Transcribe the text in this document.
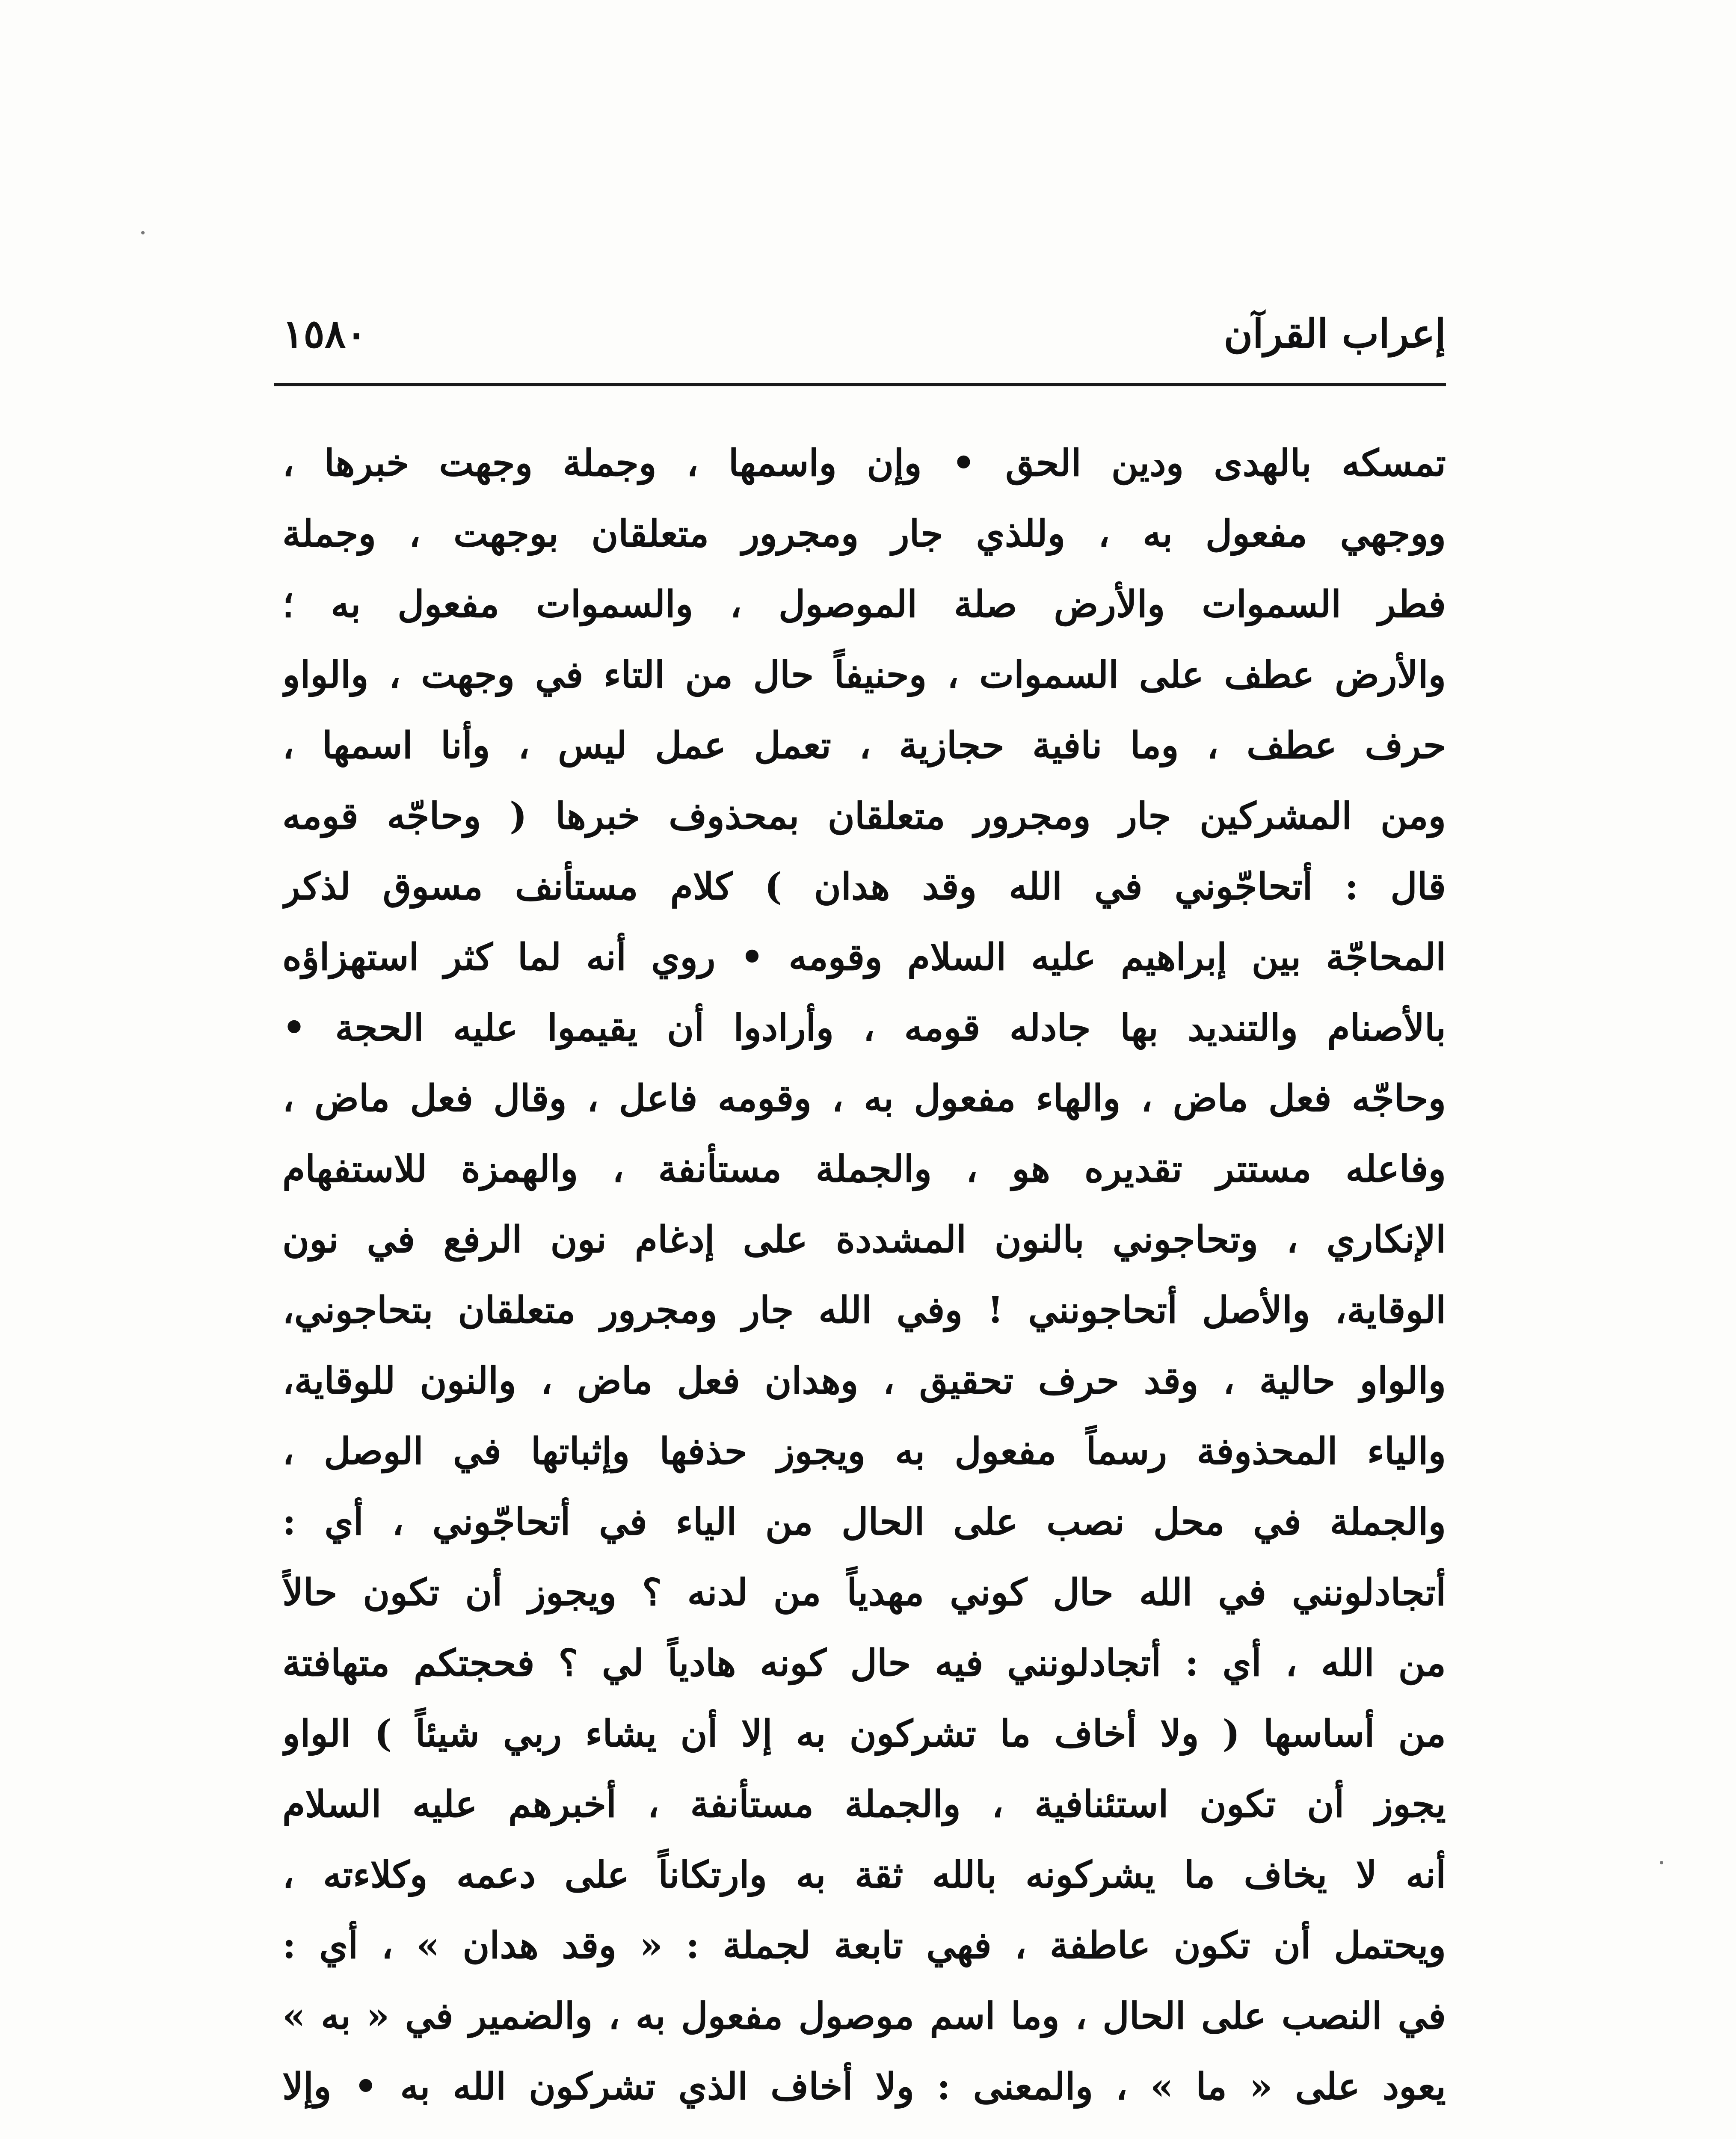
إعراب القرآن
١٥٨٠
تمسكه بالهدى ودين الحق • وإن واسمها ، وجملة وجهت خبرها ،
ووجهي مفعول به ، وللذي جار ومجرور متعلقان بوجهت ، وجملة
فطر السموات والأرض صلة الموصول ، والسموات مفعول به ؛
والأرض عطف على السموات ، وحنيفاً حال من التاء في وجهت ، والواو
حرف عطف ، وما نافية حجازية ، تعمل عمل ليس ، وأنا اسمها ،
ومن المشركين جار ومجرور متعلقان بمحذوف خبرها ( وحاجّه قومه
قال : أتحاجّوني في الله وقد هدان ) كلام مستأنف مسوق لذكر
المحاجّة بين إبراهيم عليه السلام وقومه • روي أنه لما كثر استهزاؤه
بالأصنام والتنديد بها جادله قومه ، وأرادوا أن يقيموا عليه الحجة •
وحاجّه فعل ماض ، والهاء مفعول به ، وقومه فاعل ، وقال فعل ماض ،
وفاعله مستتر تقديره هو ، والجملة مستأنفة ، والهمزة للاستفهام
الإنكاري ، وتحاجوني بالنون المشددة على إدغام نون الرفع في نون
الوقاية، والأصل أتحاجونني ! وفي الله جار ومجرور متعلقان بتحاجوني،
والواو حالية ، وقد حرف تحقيق ، وهدان فعل ماض ، والنون للوقاية،
والياء المحذوفة رسماً مفعول به ويجوز حذفها وإثباتها في الوصل ،
والجملة في محل نصب على الحال من الياء في أتحاجّوني ، أي :
أتجادلونني في الله حال كوني مهدياً من لدنه ؟ ويجوز أن تكون حالاً
من الله ، أي : أتجادلونني فيه حال كونه هادياً لي ؟ فحجتكم متهافتة
من أساسها ( ولا أخاف ما تشركون به إلا أن يشاء ربي شيئاً ) الواو
يجوز أن تكون استئنافية ، والجملة مستأنفة ، أخبرهم عليه السلام
أنه لا يخاف ما يشركونه بالله ثقة به وارتكاناً على دعمه وكلاءته ،
ويحتمل أن تكون عاطفة ، فهي تابعة لجملة : « وقد هدان » ، أي :
في النصب على الحال ، وما اسم موصول مفعول به ، والضمير في « به »
يعود على « ما » ، والمعنى : ولا أخاف الذي تشركون الله به • وإلا
